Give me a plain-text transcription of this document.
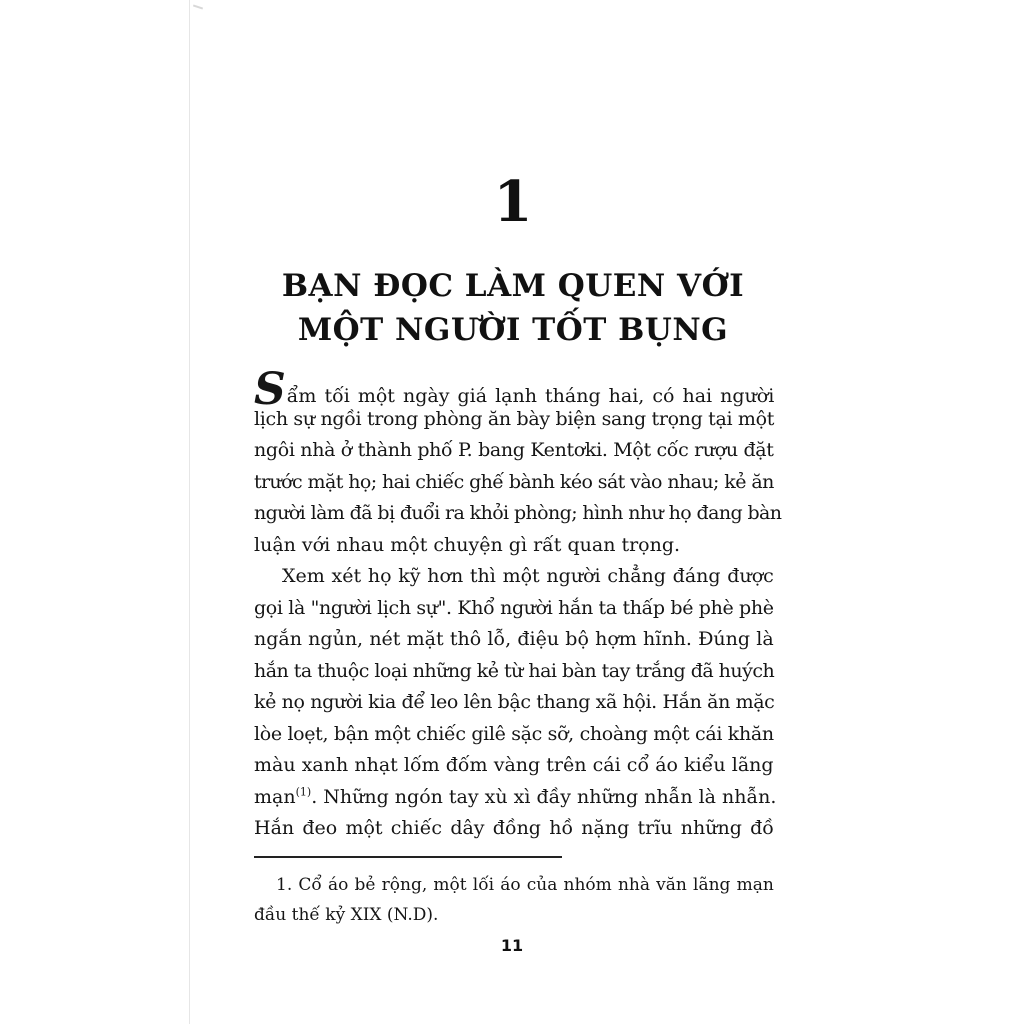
1
BẠN ĐỌC LÀM QUEN VỚI
MỘT NGƯỜI TỐT BỤNG
Sẩm tối một ngày giá lạnh tháng hai, có hai người
lịch sự ngồi trong phòng ăn bày biện sang trọng tại một
ngôi nhà ở thành phố P. bang Kentơki. Một cốc rượu đặt
trước mặt họ; hai chiếc ghế bành kéo sát vào nhau; kẻ ăn
người làm đã bị đuổi ra khỏi phòng; hình như họ đang bàn
luận với nhau một chuyện gì rất quan trọng.
Xem xét họ kỹ hơn thì một người chẳng đáng được
gọi là "người lịch sự". Khổ người hắn ta thấp bé phè phè
ngắn ngủn, nét mặt thô lỗ, điệu bộ hợm hĩnh. Đúng là
hắn ta thuộc loại những kẻ từ hai bàn tay trắng đã huých
kẻ nọ người kia để leo lên bậc thang xã hội. Hắn ăn mặc
lòe loẹt, bận một chiếc gilê sặc sỡ, choàng một cái khăn
màu xanh nhạt lốm đốm vàng trên cái cổ áo kiểu lãng
mạn$^{(1)}$. Những ngón tay xù xì đầy những nhẫn là nhẫn.
Hắn đeo một chiếc dây đồng hồ nặng trĩu những đồ
1. Cổ áo bẻ rộng, một lối áo của nhóm nhà văn lãng mạn
đầu thế kỷ XIX (N.D).
11
